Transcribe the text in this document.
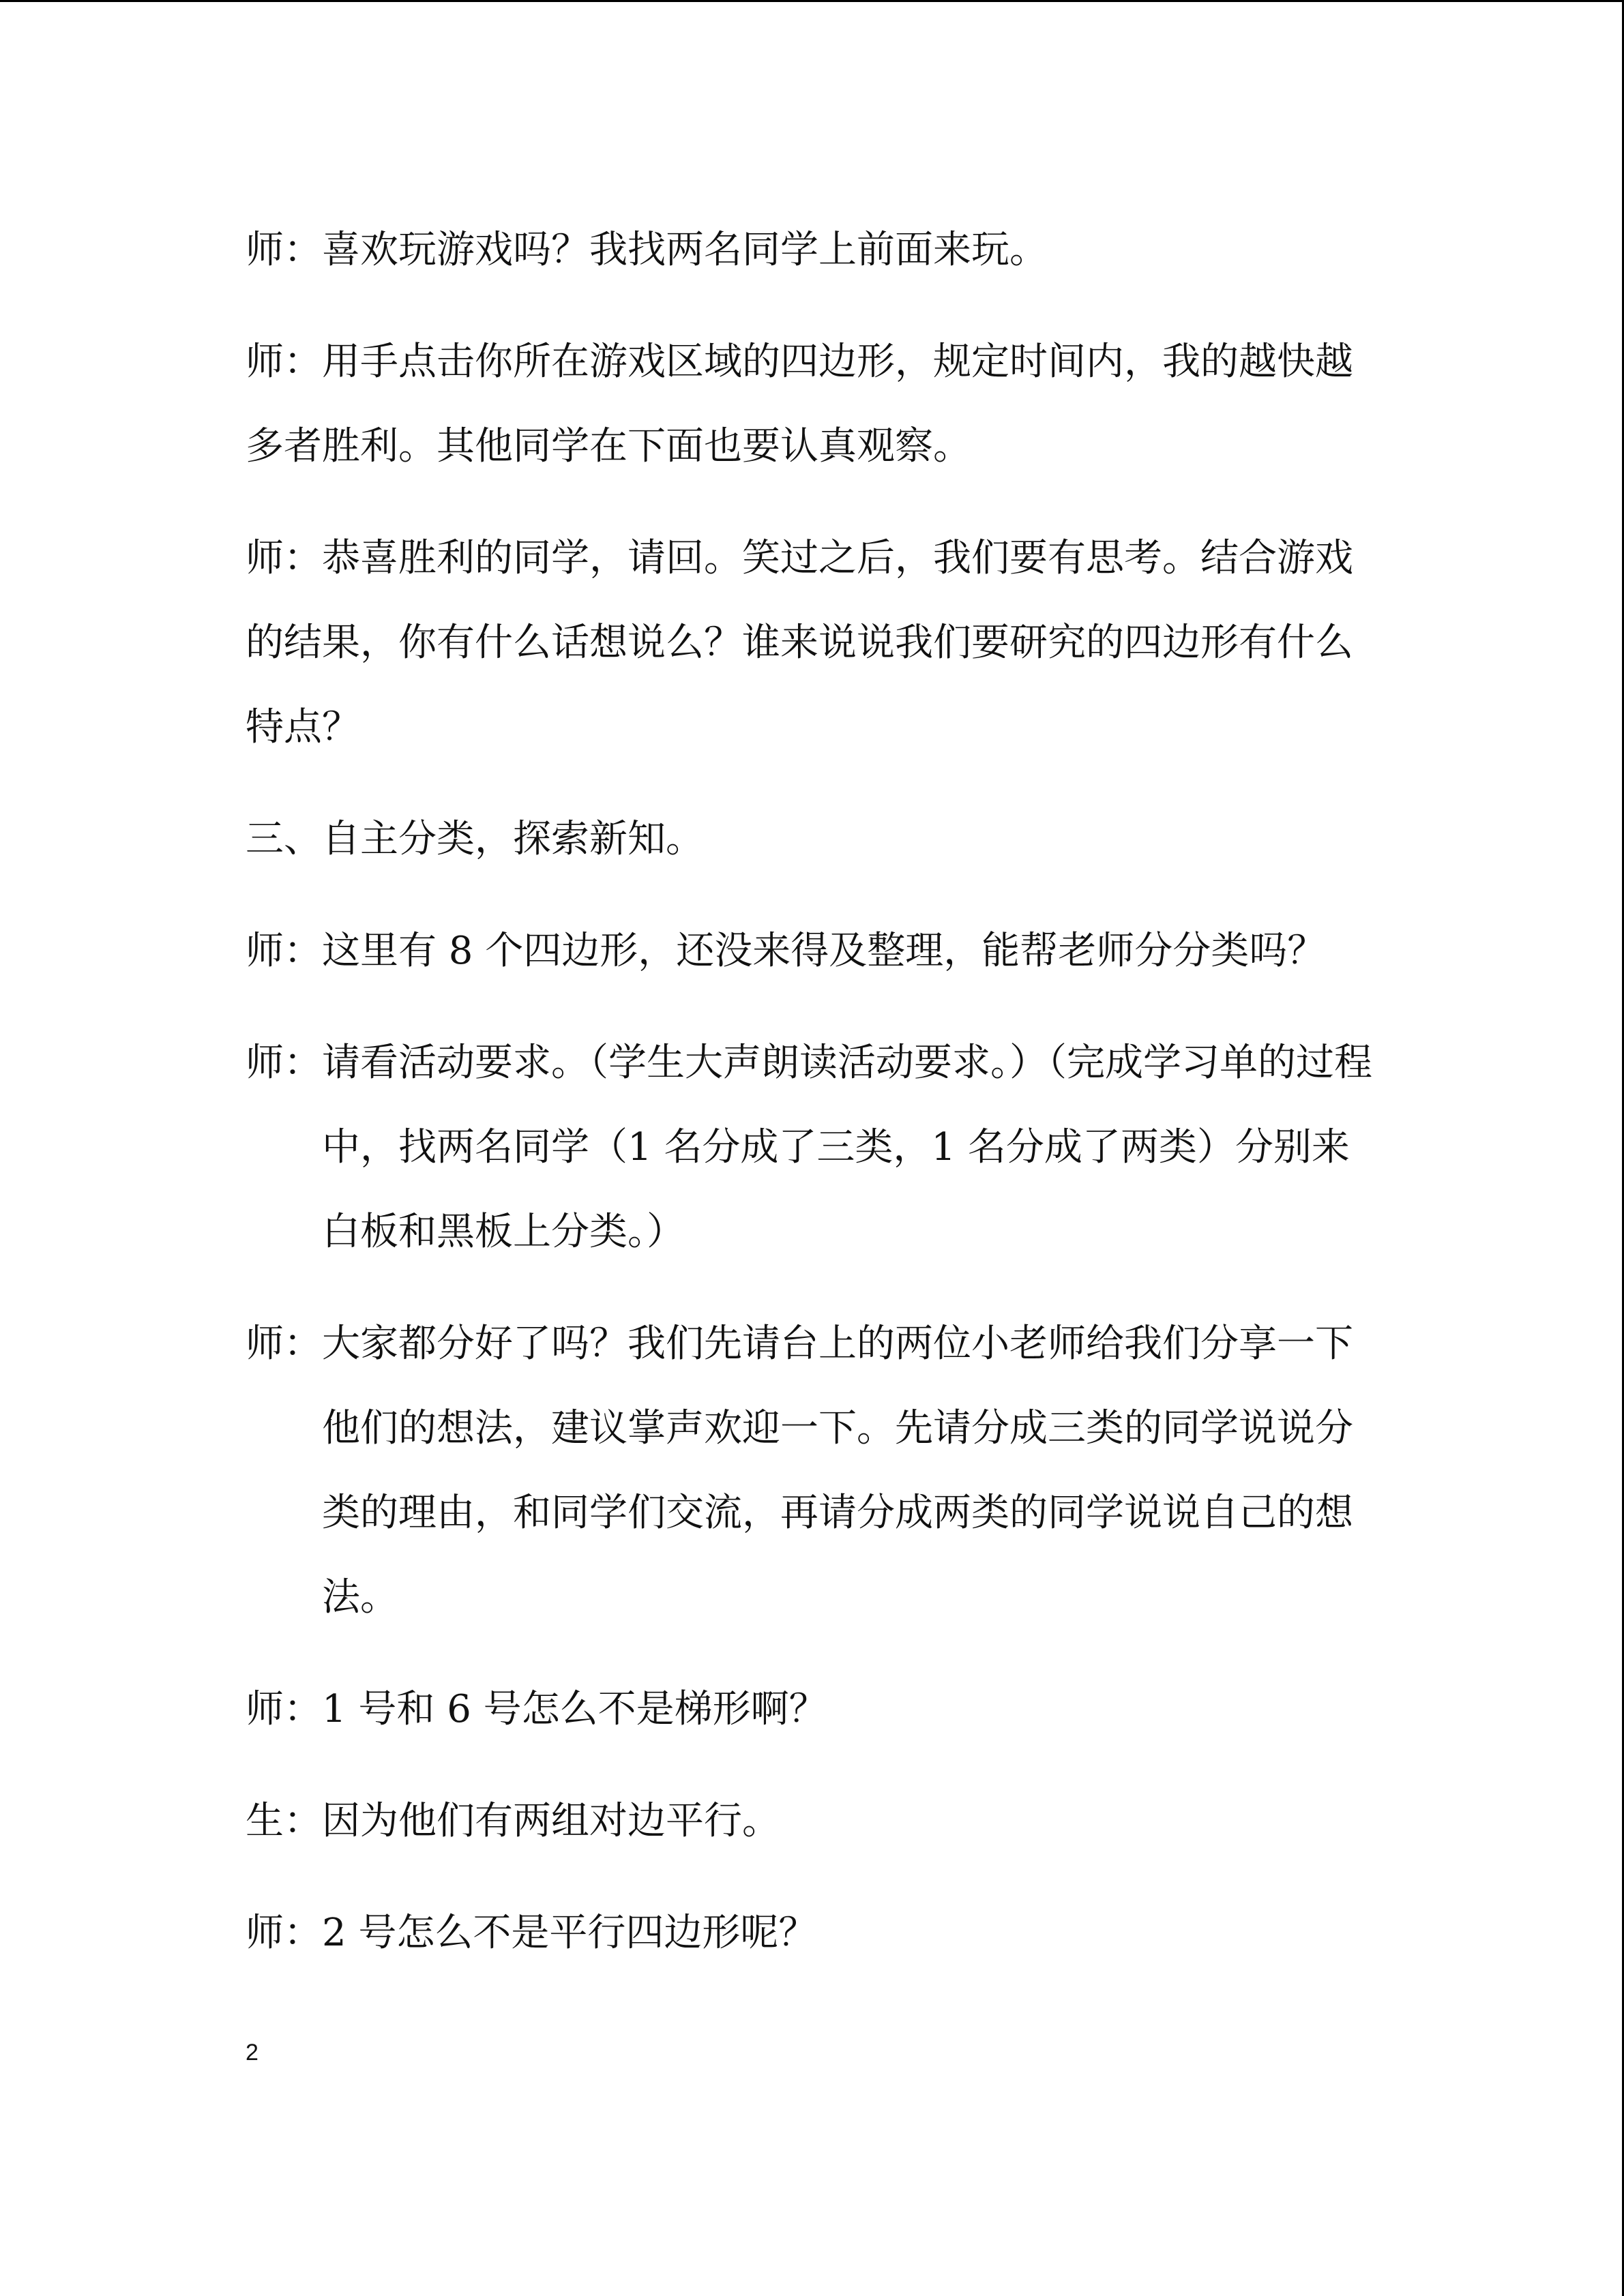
师：喜欢玩游戏吗？我找两名同学上前面来玩。

师：用手点击你所在游戏区域的四边形，规定时间内，我的越快越多者胜利。其他同学在下面也要认真观察。

师：恭喜胜利的同学，请回。笑过之后，我们要有思考。结合游戏的结果，你有什么话想说么？谁来说说我们要研究的四边形有什么特点？

三、自主分类，探索新知。

师：这里有 8 个四边形，还没来得及整理，能帮老师分分类吗？

师：请看活动要求。（学生大声朗读活动要求。）（完成学习单的过程中，找两名同学（1 名分成了三类，1 名分成了两类）分别来白板和黑板上分类。）

师：大家都分好了吗？我们先请台上的两位小老师给我们分享一下他们的想法，建议掌声欢迎一下。先请分成三类的同学说说分类的理由，和同学们交流，再请分成两类的同学说说自己的想法。

师：1 号和 6 号怎么不是梯形啊？

生：因为他们有两组对边平行。

师：2 号怎么不是平行四边形呢？

2
